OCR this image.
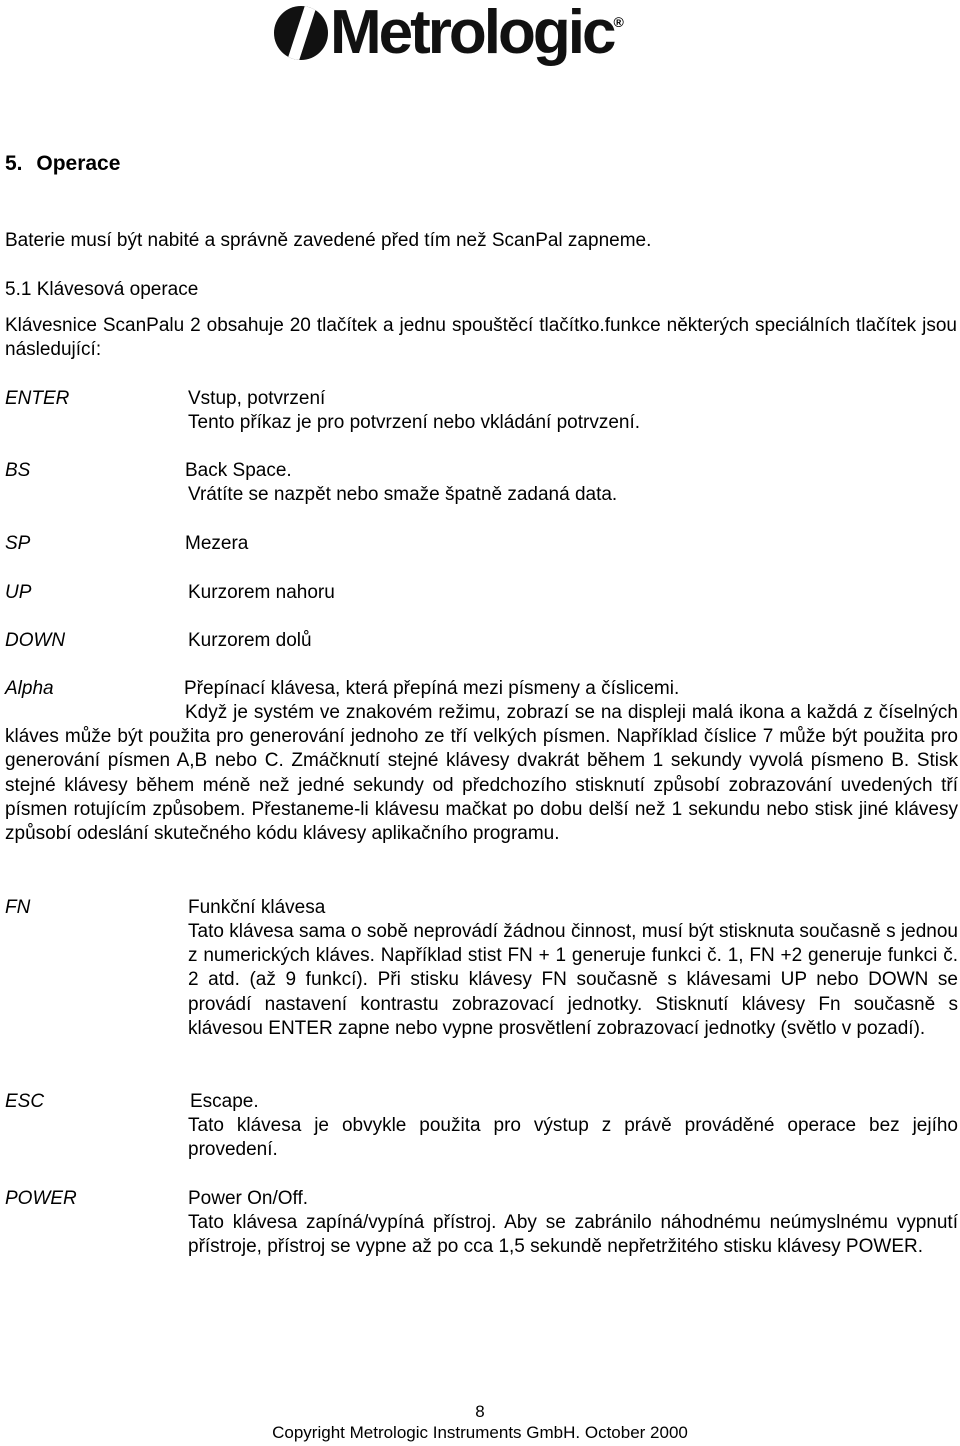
Metrologic ®
5. Operace
Baterie musí být nabité a správně zavedené před tím než ScanPal zapneme.
5.1 Klávesová operace
Klávesnice ScanPalu 2 obsahuje 20 tlačítek a jednu spouštěcí tlačítko.funkce některých speciálních tlačítek jsou následující:
ENTER	Vstup, potvrzení
Tento příkaz je pro potvrzení nebo vkládání potrvzení.
BS	Back Space.
Vrátíte se nazpět nebo smaže špatně zadaná data.
SP	Mezera
UP	Kurzorem nahoru
DOWN	Kurzorem dolů
Alpha	Přepínací klávesa, která přepíná mezi písmeny a číslicemi.
Když je systém ve znakovém režimu, zobrazí se na displeji malá ikona a každá z číselných kláves může být použita pro generování jednoho ze tří velkých písmen. Například číslice 7 může být použita pro generování písmen A,B nebo C. Zmáčknutí stejné klávesy dvakrát během 1 sekundy vyvolá písmeno B. Stisk stejné klávesy během méně než jedné sekundy od předchozího stisknutí způsobí zobrazování uvedených tří písmen rotujícím způsobem. Přestaneme-li klávesu mačkat po dobu delší než 1 sekundu nebo stisk jiné klávesy způsobí odeslání skutečného kódu klávesy aplikačního programu.
FN	Funkční klávesa
Tato klávesa sama o sobě neprovádí žádnou činnost, musí být stisknuta současně s jednou z numerických kláves. Například stist FN + 1 generuje funkci č. 1, FN +2 generuje funkci č. 2 atd. (až 9 funkcí). Při stisku klávesy FN současně s klávesami UP nebo DOWN se provádí nastavení kontrastu zobrazovací jednotky. Stisknutí klávesy Fn současně s klávesou ENTER zapne nebo vypne prosvětlení zobrazovací jednotky (světlo v pozadí).
ESC	Escape.
Tato klávesa je obvykle použita pro výstup z právě prováděné operace bez jejího provedení.
POWER	Power On/Off.
Tato klávesa zapíná/vypíná přístroj. Aby se zabránilo náhodnému neúmyslnému vypnutí přístroje, přístroj se vypne až po cca 1,5 sekundě nepřetržitého stisku klávesy POWER.
8
Copyright Metrologic Instruments GmbH. October 2000
